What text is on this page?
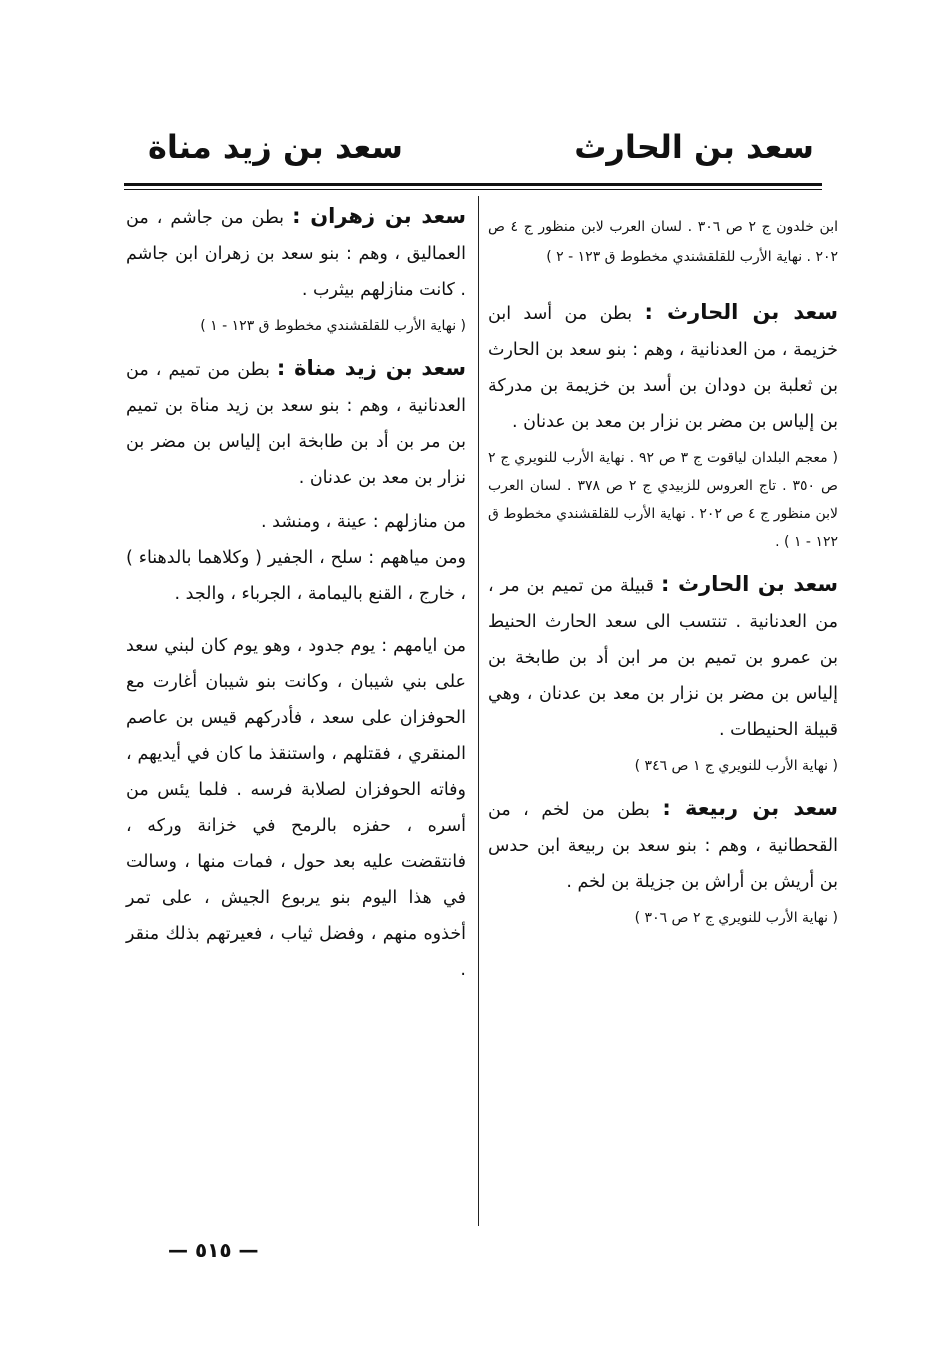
سعد بن الحارث
سعد بن زيد مناة

ابن خلدون ج ٢ ص ٣٠٦ . لسان العرب لابن منظور ج ٤ ص ٢٠٢ . نهاية الأرب للقلقشندي مخطوط ق ١٢٣ - ٢ )

سعد بن الحارث : بطن من أسد ابن خزيمة ، من العدنانية ، وهم : بنو سعد بن الحارث بن ثعلبة بن دودان بن أسد بن خزيمة بن مدركة بن إلياس بن مضر بن نزار بن معد بن عدنان .

( معجم البلدان لياقوت ج ٣ ص ٩٢ . نهاية الأرب للنويري ج ٢ ص ٣٥٠ . تاج العروس للزبيدي ج ٢ ص ٣٧٨ . لسان العرب لابن منظور ج ٤ ص ٢٠٢ . نهاية الأرب للقلقشندي مخطوط ق ١٢٢ - ١ ) .

سعد بن الحارث : قبيلة من تميم بن مر ، من العدنانية . تنتسب الى سعد الحارث الحنيط بن عمرو بن تميم بن مر ابن أد بن طابخة بن إلياس بن مضر بن نزار بن معد بن عدنان ، وهي قبيلة الحنيطات .

( نهاية الأرب للنويري ج ١ ص ٣٤٦ )

سعد بن ربيعة : بطن من لخم ، من القحطانية ، وهم : بنو سعد بن ربيعة ابن حدس بن أريش بن أراش بن جزيلة بن لخم .

( نهاية الأرب للنويري ج ٢ ص ٣٠٦ )

سعد بن زهران : بطن من جاشم ، من العماليق ، وهم : بنو سعد بن زهران ابن جاشم . كانت منازلهم بيثرب .

( نهاية الأرب للقلقشندي مخطوط ق ١٢٣ - ١ )

سعد بن زيد مناة : بطن من تميم ، من العدنانية ، وهم : بنو سعد بن زيد مناة بن تميم بن مر بن أد بن طابخة ابن إلياس بن مضر بن نزار بن معد بن عدنان .

من منازلهم : عينة ، ومنشد .

ومن مياههم : سلح ، الجفير ( وكلاهما بالدهناء ) ، خارج ، القنع باليمامة ، الجرباء ، والجد .

من ايامهم : يوم جدود ، وهو يوم كان لبني سعد على بني شيبان ، وكانت بنو شيبان أغارت مع الحوفزان على سعد ، فأدركهم قيس بن عاصم المنقري ، فقتلهم ، واستنقذ ما كان في أيديهم ، وفاته الحوفزان لصلابة فرسه . فلما يئس من أسره ، حفزه بالرمح في خزانة وركه ، فانتقضت عليه بعد حول ، فمات منها ، وسالت في هذا اليوم بنو يربوع الجيش ، على تمر أخذوه منهم ، وفضل ثياب ، فعيرتهم بذلك منقر .

— ٥١٥ —
